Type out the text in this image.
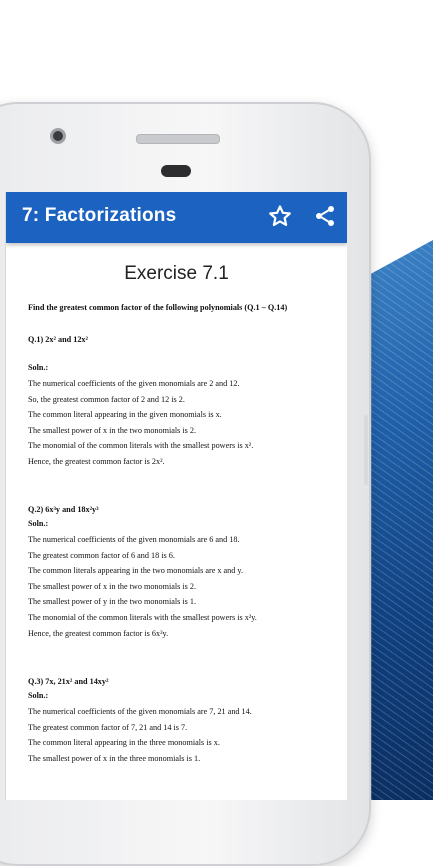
7: Factorizations
Exercise 7.1
Find the greatest common factor of the following polynomials (Q.1 – Q.14)
Q.1) 2x² and 12x²
Soln.:
The numerical coefficients of the given monomials are 2 and 12.
So, the greatest common factor of 2 and 12 is 2.
The common literal appearing in the given monomials is x.
The smallest power of x in the two monomials is 2.
The monomial of the common literals with the smallest powers is x².
Hence, the greatest common factor is 2x².
Q.2) 6x³y and 18x²y³
Soln.:
The numerical coefficients of the given monomials are 6 and 18.
The greatest common factor of 6 and 18 is 6.
The common literals appearing in the two monomials are x and y.
The smallest power of x in the two monomials is 2.
The smallest power of y in the two monomials is 1.
The monomial of the common literals with the smallest powers is x²y.
Hence, the greatest common factor is 6x²y.
Q.3) 7x, 21x² and 14xy²
Soln.:
The numerical coefficients of the given monomials are 7, 21 and 14.
The greatest common factor of 7, 21 and 14 is 7.
The common literal appearing in the three monomials is x.
The smallest power of x in the three monomials is 1.
